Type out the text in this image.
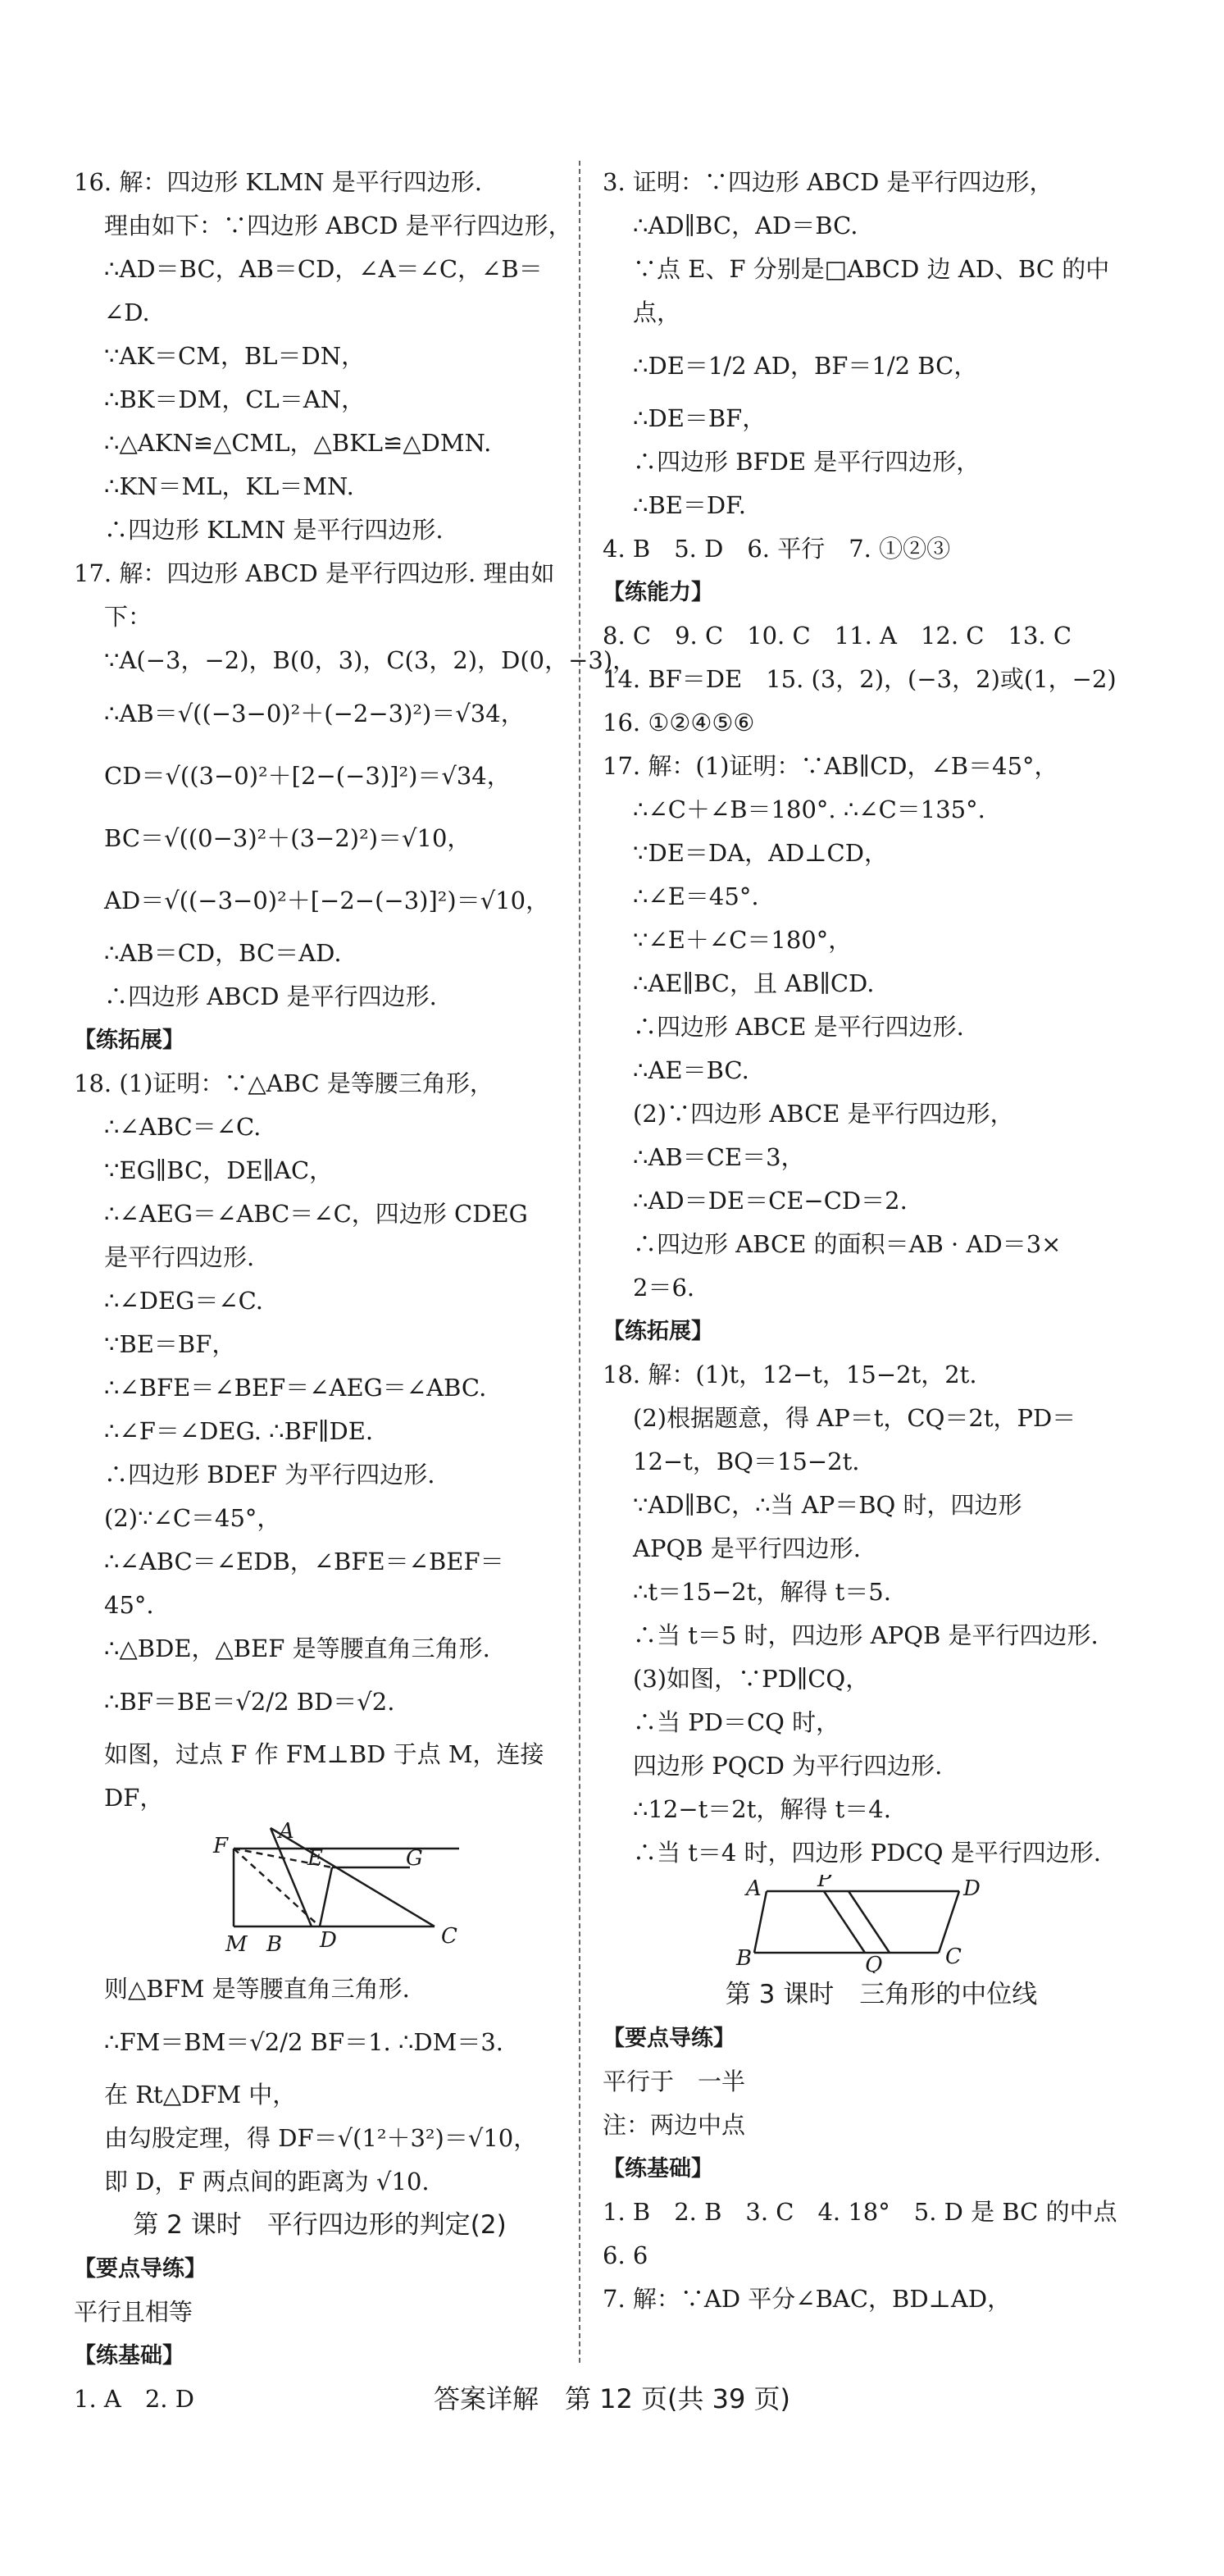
16. 解：四边形 KLMN 是平行四边形.
理由如下：∵四边形 ABCD 是平行四边形，
∴AD＝BC，AB＝CD，∠A＝∠C，∠B＝
∠D.
∵AK＝CM，BL＝DN，
∴BK＝DM，CL＝AN，
∴△AKN≌△CML，△BKL≌△DMN.
∴KN＝ML，KL＝MN.
∴四边形 KLMN 是平行四边形.
17. 解：四边形 ABCD 是平行四边形. 理由如
下：
∵A(−3，−2)，B(0，3)，C(3，2)，D(0，−3)，
∴AB＝√((−3−0)²＋(−2−3)²)＝√34，
CD＝√((3−0)²＋[2−(−3)]²)＝√34，
BC＝√((0−3)²＋(3−2)²)＝√10，
AD＝√((−3−0)²＋[−2−(−3)]²)＝√10，
∴AB＝CD，BC＝AD.
∴四边形 ABCD 是平行四边形.
【练拓展】
18. (1)证明：∵△ABC 是等腰三角形，
∴∠ABC＝∠C.
∵EG∥BC，DE∥AC，
∴∠AEG＝∠ABC＝∠C，四边形 CDEG
是平行四边形.
∴∠DEG＝∠C.
∵BE＝BF，
∴∠BFE＝∠BEF＝∠AEG＝∠ABC.
∴∠F＝∠DEG. ∴BF∥DE.
∴四边形 BDEF 为平行四边形.
(2)∵∠C＝45°，
∴∠ABC＝∠EDB，∠BFE＝∠BEF＝
45°.
∴△BDE，△BEF 是等腰直角三角形.
∴BF＝BE＝√2/2 BD＝√2.
如图，过点 F 作 FM⊥BD 于点 M，连接
DF，
A
E	G
F
M B D	C
则△BFM 是等腰直角三角形.
∴FM＝BM＝√2/2 BF＝1. ∴DM＝3.
在 Rt△DFM 中，
由勾股定理，得 DF＝√(1²＋3²)＝√10，
即 D，F 两点间的距离为 √10.
第 2 课时　平行四边形的判定(2)
【要点导练】
平行且相等
【练基础】
1. A　2. D
3. 证明：∵四边形 ABCD 是平行四边形，
∴AD∥BC，AD＝BC.
∵点 E、F 分别是□ABCD 边 AD、BC 的中
点，
∴DE＝1/2 AD，BF＝1/2 BC，
∴DE＝BF，
∴四边形 BFDE 是平行四边形，
∴BE＝DF.
4. B　5. D　6. 平行　7. ①②③
【练能力】
8. C　9. C　10. C　11. A　12. C　13. C
14. BF＝DE　15. (3，2)，(−3，2)或(1，−2)
16. ①②④⑤⑥
17. 解：(1)证明：∵AB∥CD，∠B＝45°，
∴∠C＋∠B＝180°. ∴∠C＝135°.
∵DE＝DA，AD⊥CD，
∴∠E＝45°.
∵∠E＋∠C＝180°，
∴AE∥BC，且 AB∥CD.
∴四边形 ABCE 是平行四边形.
∴AE＝BC.
(2)∵四边形 ABCE 是平行四边形，
∴AB＝CE＝3，
∴AD＝DE＝CE−CD＝2.
∴四边形 ABCE 的面积＝AB · AD＝3×
2＝6.
【练拓展】
18. 解：(1)t，12−t，15−2t，2t.
(2)根据题意，得 AP＝t，CQ＝2t，PD＝
12−t，BQ＝15−2t.
∵AD∥BC，∴当 AP＝BQ 时，四边形
APQB 是平行四边形.
∴t＝15−2t，解得 t＝5.
∴当 t＝5 时，四边形 APQB 是平行四边形.
(3)如图，∵PD∥CQ，
∴当 PD＝CQ 时，
四边形 PQCD 为平行四边形.
∴12−t＝2t，解得 t＝4.
∴当 t＝4 时，四边形 PDCQ 是平行四边形.
A	P	D
B	Q	C
第 3 课时　三角形的中位线
【要点导练】
平行于　一半
注：两边中点
【练基础】
1. B　2. B　3. C　4. 18°　5. D 是 BC 的中点
6. 6
7. 解：∵AD 平分∠BAC，BD⊥AD，
答案详解　第 12 页(共 39 页)
